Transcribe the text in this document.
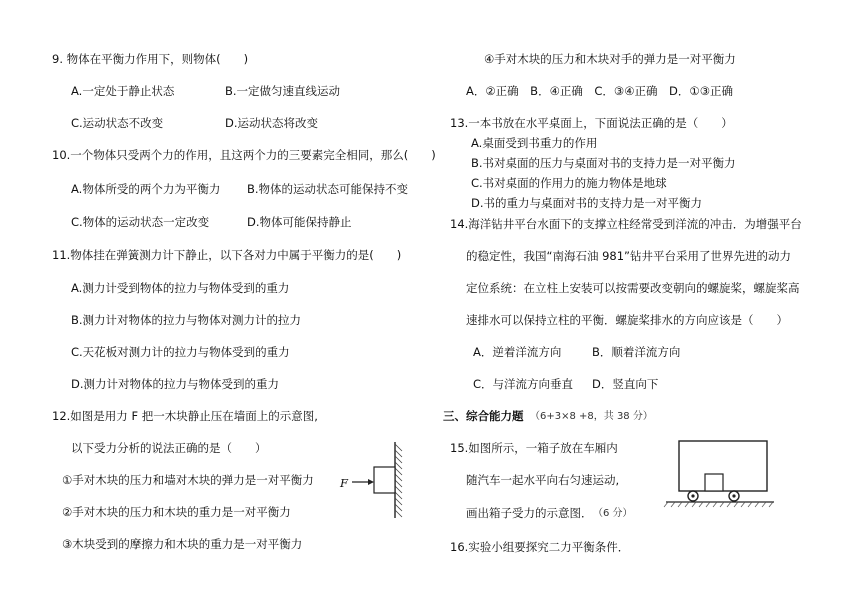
9. 物体在平衡力作用下，则物体(　　)
A.一定处于静止状态	B.一定做匀速直线运动
C.运动状态不改变	D.运动状态将改变
10.一个物体只受两个力的作用，且这两个力的三要素完全相同，那么(　　)
A.物体所受的两个力为平衡力 B.物体的运动状态可能保持不变
C.物体的运动状态一定改变	D.物体可能保持静止
11.物体挂在弹簧测力计下静止，以下各对力中属于平衡力的是(　　)
A.测力计受到物体的拉力与物体受到的重力
B.测力计对物体的拉力与物体对测力计的拉力
C.天花板对测力计的拉力与物体受到的重力
D.测力计对物体的拉力与物体受到的重力
12.如图是用力 F 把一木块静止压在墙面上的示意图,
以下受力分析的说法正确的是（　　）
①手对木块的压力和墙对木块的弹力是一对平衡力
②手对木块的压力和木块的重力是一对平衡力
③木块受到的摩擦力和木块的重力是一对平衡力
F
④手对木块的压力和木块对手的弹力是一对平衡力
A．②正确　B．④正确　C．③④正确　D．①③正确
13.一本书放在水平桌面上，下面说法正确的是（　　）
A.桌面受到书重力的作用
B.书对桌面的压力与桌面对书的支持力是一对平衡力
C.书对桌面的作用力的施力物体是地球
D.书的重力与桌面对书的支持力是一对平衡力
14.海洋钻井平台水面下的支撑立柱经常受到洋流的冲击．为增强平台
的稳定性，我国“南海石油 981”钻井平台采用了世界先进的动力
定位系统：在立柱上安装可以按需要改变朝向的螺旋桨，螺旋桨高
速排水可以保持立柱的平衡．螺旋桨排水的方向应该是（　　）
A．逆着洋流方向	B．顺着洋流方向
C．与洋流方向垂直 D．竖直向下
三、综合能力题 （6+3×8 +8，共 38 分）
15.如图所示，一箱子放在车厢内
随汽车一起水平向右匀速运动,
画出箱子受力的示意图． （6 分）
16.实验小组要探究二力平衡条件．
